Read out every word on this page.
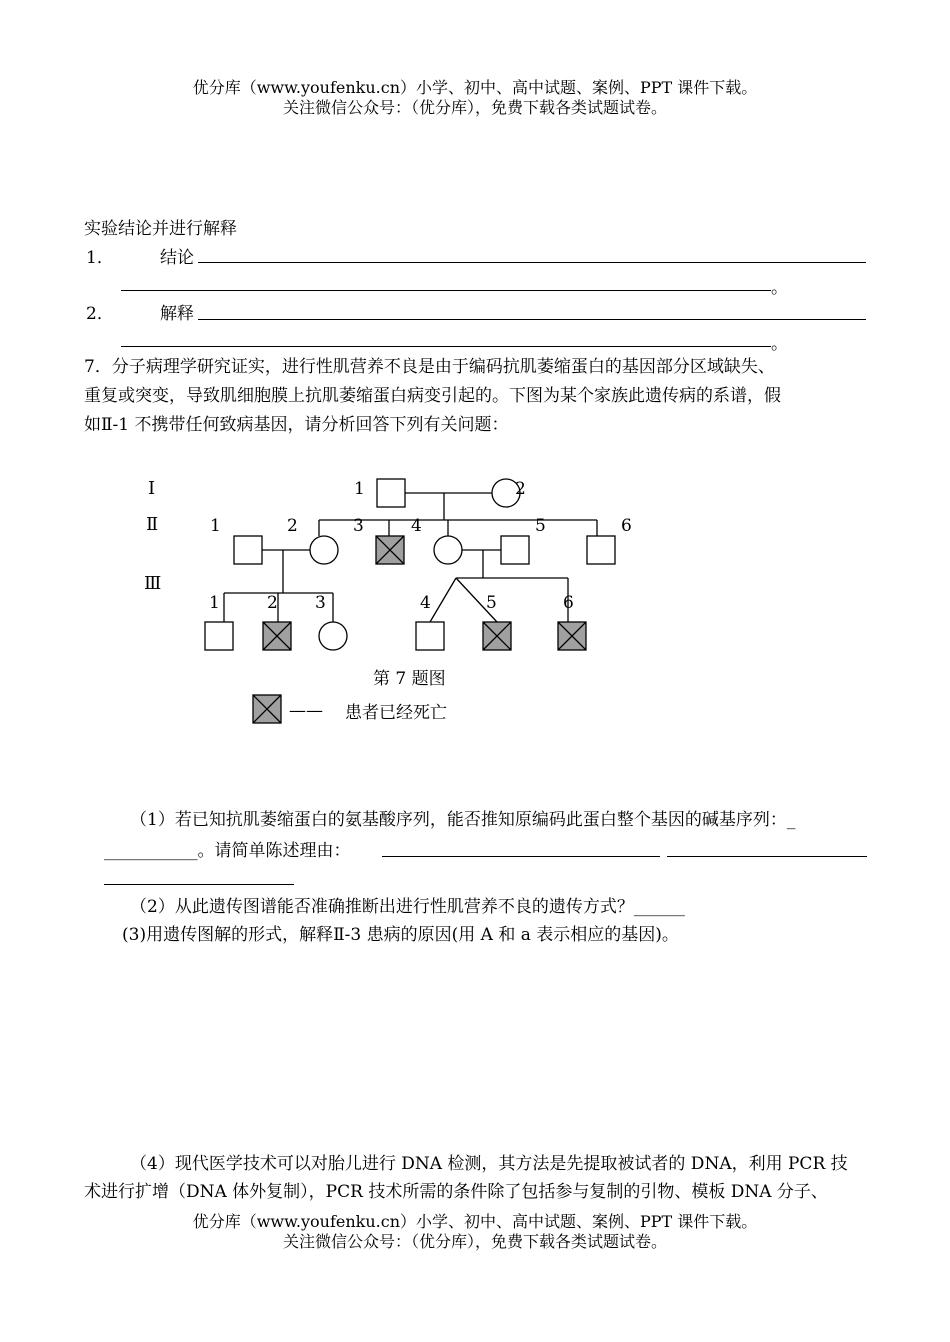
优分库（www.youfenku.cn）小学、初中、高中试题、案例、PPT 课件下载。
关注微信公众号：（优分库），免费下载各类试题试卷。
实验结论并进行解释
1．	结论
。
2．	解释
。
7．分子病理学研究证实，进行性肌营养不良是由于编码抗肌萎缩蛋白的基因部分区域缺失、
重复或突变，导致肌细胞膜上抗肌萎缩蛋白病变引起的。下图为某个家族此遗传病的系谱，假
如Ⅱ-1 不携带任何致病基因，请分析回答下列有关问题：
Ⅰ
Ⅱ
Ⅲ
1	2
1	2	3	4	5	6
1	2 3	4	5	6
第 7 题图
—— 患者已经死亡
（1）若已知抗肌萎缩蛋白的氨基酸序列，能否推知原编码此蛋白整个基因的碱基序列：_
___________。请简单陈述理由：
（2）从此遗传图谱能否准确推断出进行性肌营养不良的遗传方式？______
(3)用遗传图解的形式，解释Ⅱ-3 患病的原因(用 A 和 a 表示相应的基因)。
（4）现代医学技术可以对胎儿进行 DNA 检测，其方法是先提取被试者的 DNA，利用 PCR 技
术进行扩增（DNA 体外复制），PCR 技术所需的条件除了包括参与复制的引物、模板 DNA 分子、
优分库（www.youfenku.cn）小学、初中、高中试题、案例、PPT 课件下载。
关注微信公众号：（优分库），免费下载各类试题试卷。
